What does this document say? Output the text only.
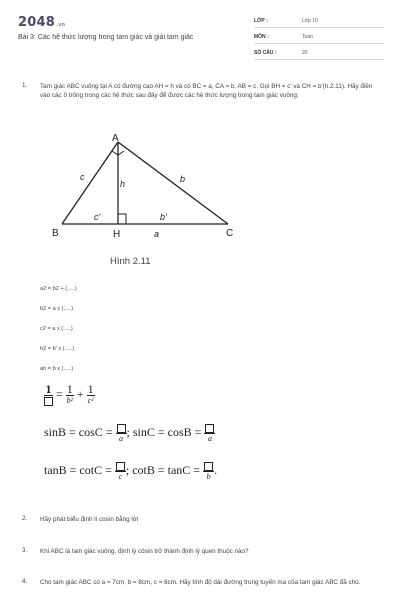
2048.vn
Bài 3: Các hệ thức lượng trong tam giác và giải tam giác
LỚP :	Lớp 10
MÔN :	Toán
SỐ CÂU :	20
1. Tam giác ABC vuông tại A có đường cao AH = h và có BC = a, CA = b, AB = c. Gọi BH = c' và CH = b'(h.2.11). Hãy điền vào các ô trống trong các hệ thức sau đây để được các hệ thức lượng trong tam giác vuông:
A
B	C
H	a
b
c
h
b'
c'
Hình 2.11
a2 = b2 + (.....)
b2 = a x (.....)
c2 = a x (.....)
h2 = b' x (.....)
ah = b x (.....)
$1 = \frac{1}{\text{b²}} + \frac{1}{\text{c²}}$
sinB = cosC = a ; sinC = cosB = a
tanB = cotC = c ; cotB = tanC = b .
2. Hãy phát biểu định lí cosin bằng lời
3. Khi ABC là tam giác vuông, định lý côsin trở thành định lý quen thuộc nào?
4. Cho tam giác ABC có a = 7cm, b = 8cm, c = 6cm. Hãy tính độ dài đường trung tuyến ma của tam giác ABC đã cho.
